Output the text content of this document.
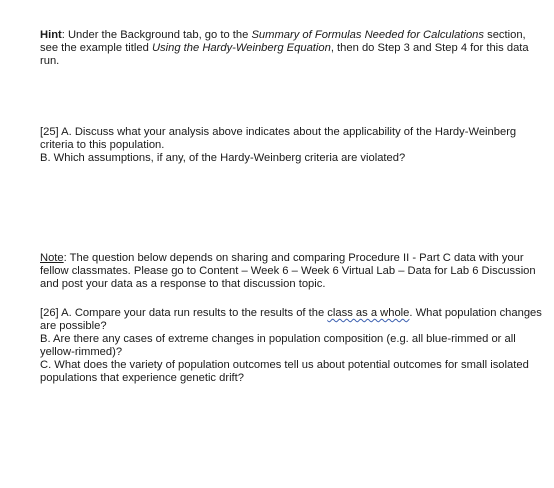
Hint: Under the Background tab, go to the Summary of Formulas Needed for Calculations section, see the example titled Using the Hardy-Weinberg Equation, then do Step 3 and Step 4 for this data run.

[25] A. Discuss what your analysis above indicates about the applicability of the Hardy-Weinberg criteria to this population.

B. Which assumptions, if any, of the Hardy-Weinberg criteria are violated?

Note: The question below depends on sharing and comparing Procedure II - Part C data with your fellow classmates. Please go to Content – Week 6 – Week 6 Virtual Lab – Data for Lab 6 Discussion and post your data as a response to that discussion topic.

[26] A. Compare your data run results to the results of the class as a whole. What population changes are possible?

B. Are there any cases of extreme changes in population composition (e.g. all blue-rimmed or all yellow-rimmed)?

C. What does the variety of population outcomes tell us about potential outcomes for small isolated populations that experience genetic drift?
